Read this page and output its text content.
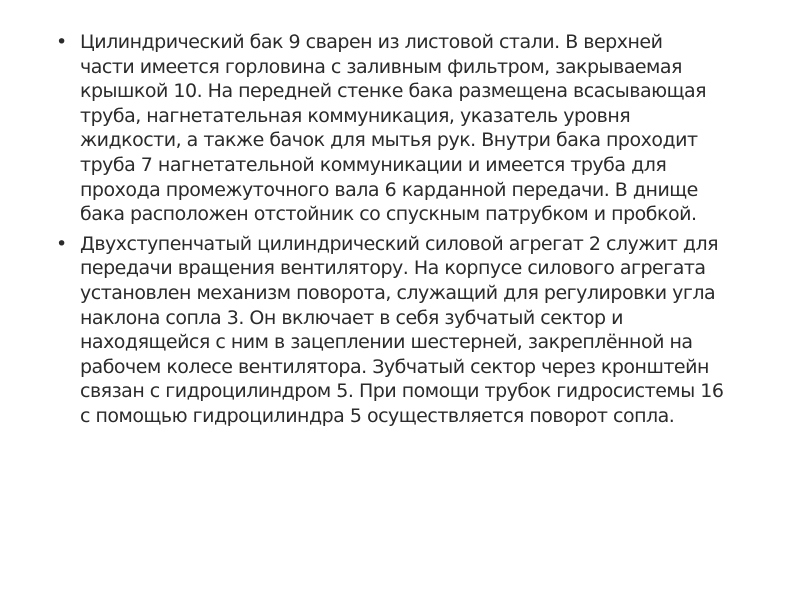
• Цилиндрический бак 9 сварен из листовой стали. В верхней
части имеется горловина с заливным фильтром, закрываемая
крышкой 10. На передней стенке бака размещена всасывающая
труба, нагнетательная коммуникация, указатель уровня
жидкости, а также бачок для мытья рук. Внутри бака проходит
труба 7 нагнетательной коммуникации и имеется труба для
прохода промежуточного вала 6 карданной передачи. В днище
бака расположен отстойник со спускным патрубком и пробкой.
• Двухступенчатый цилиндрический силовой агрегат 2 служит для
передачи вращения вентилятору. На корпусе силового агрегата
установлен механизм поворота, служащий для регулировки угла
наклона сопла 3. Он включает в себя зубчатый сектор и
находящейся с ним в зацеплении шестерней, закреплённой на
рабочем колесе вентилятора. Зубчатый сектор через кронштейн
связан с гидроцилиндром 5. При помощи трубок гидросистемы 16
с помощью гидроцилиндра 5 осуществляется поворот сопла.
